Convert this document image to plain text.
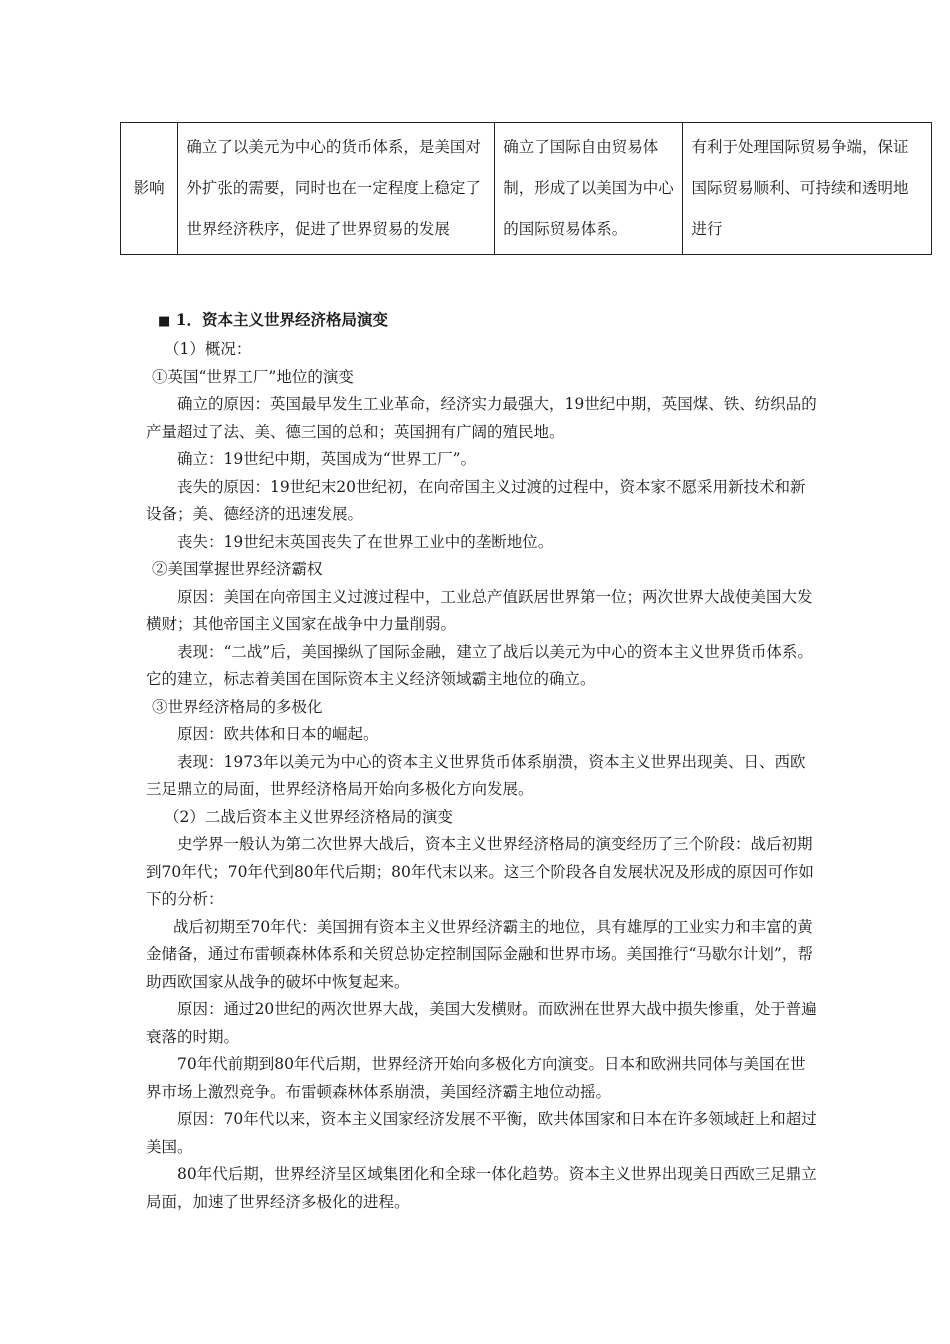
影响	确立了以美元为中心的货币体系，是美国对外扩张的需要，同时也在一定程度上稳定了世界经济秩序，促进了世界贸易的发展	确立了国际自由贸易体制，形成了以美国为中心的国际贸易体系。	有利于处理国际贸易争端，保证国际贸易顺利、可持续和透明地进行
■ 1．资本主义世界经济格局演变

（1）概况：

①英国“世界工厂”地位的演变

确立的原因：英国最早发生工业革命，经济实力最强大，19世纪中期，英国煤、铁、纺织品的产量超过了法、美、德三国的总和；英国拥有广阔的殖民地。

确立：19世纪中期，英国成为“世界工厂”。

丧失的原因：19世纪末20世纪初，在向帝国主义过渡的过程中，资本家不愿采用新技术和新设备；美、德经济的迅速发展。

丧失：19世纪末英国丧失了在世界工业中的垄断地位。

②美国掌握世界经济霸权

原因：美国在向帝国主义过渡过程中，工业总产值跃居世界第一位；两次世界大战使美国大发横财；其他帝国主义国家在战争中力量削弱。

表现：“二战”后，美国操纵了国际金融，建立了战后以美元为中心的资本主义世界货币体系。它的建立，标志着美国在国际资本主义经济领域霸主地位的确立。

③世界经济格局的多极化

原因：欧共体和日本的崛起。

表现：1973年以美元为中心的资本主义世界货币体系崩溃，资本主义世界出现美、日、西欧三足鼎立的局面，世界经济格局开始向多极化方向发展。

（2）二战后资本主义世界经济格局的演变

史学界一般认为第二次世界大战后，资本主义世界经济格局的演变经历了三个阶段：战后初期到70年代；70年代到80年代后期；80年代末以来。这三个阶段各自发展状况及形成的原因可作如下的分析：

战后初期至70年代：美国拥有资本主义世界经济霸主的地位，具有雄厚的工业实力和丰富的黄金储备，通过布雷顿森林体系和关贸总协定控制国际金融和世界市场。美国推行“马歇尔计划”，帮助西欧国家从战争的破坏中恢复起来。

原因：通过20世纪的两次世界大战，美国大发横财。而欧洲在世界大战中损失惨重，处于普遍衰落的时期。

70年代前期到80年代后期，世界经济开始向多极化方向演变。日本和欧洲共同体与美国在世界市场上激烈竞争。布雷顿森林体系崩溃，美国经济霸主地位动摇。

原因：70年代以来，资本主义国家经济发展不平衡，欧共体国家和日本在许多领域赶上和超过美国。

80年代后期，世界经济呈区域集团化和全球一体化趋势。资本主义世界出现美日西欧三足鼎立局面，加速了世界经济多极化的进程。
